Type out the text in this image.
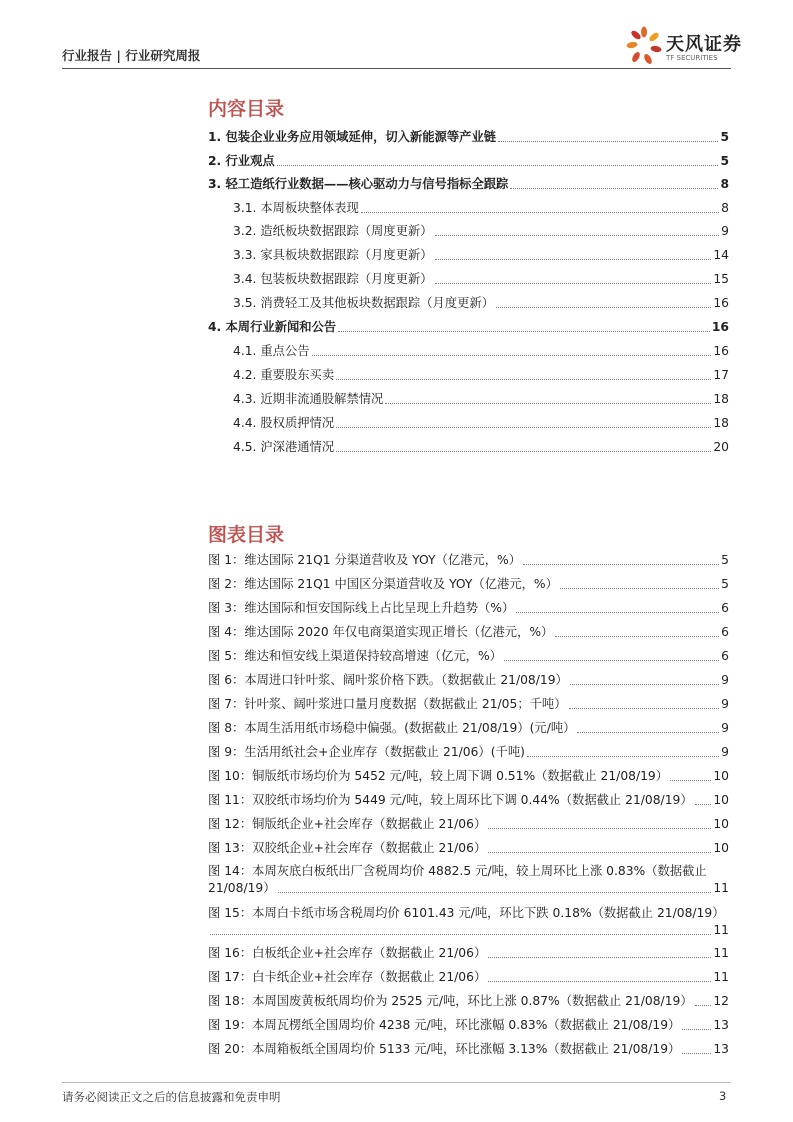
行业报告 | 行业研究周报
天风证券
TF SECURITIES
内容目录
1. 包装企业业务应用领域延伸，切入新能源等产业链	5
2. 行业观点	5
3. 轻工造纸行业数据——核心驱动力与信号指标全跟踪	8
3.1. 本周板块整体表现	8
3.2. 造纸板块数据跟踪（周度更新）	9
3.3. 家具板块数据跟踪（月度更新）	14
3.4. 包装板块数据跟踪（月度更新）	15
3.5. 消费轻工及其他板块数据跟踪（月度更新）	16
4. 本周行业新闻和公告	16
4.1. 重点公告	16
4.2. 重要股东买卖	17
4.3. 近期非流通股解禁情况	18
4.4. 股权质押情况	18
4.5. 沪深港通情况	20
图表目录
图 1：维达国际 21Q1 分渠道营收及 YOY（亿港元，%）	5
图 2：维达国际 21Q1 中国区分渠道营收及 YOY（亿港元，%）	5
图 3：维达国际和恒安国际线上占比呈现上升趋势（%）	6
图 4：维达国际 2020 年仅电商渠道实现正增长（亿港元，%）	6
图 5：维达和恒安线上渠道保持较高增速（亿元，%）	6
图 6：本周进口针叶浆、阔叶浆价格下跌。（数据截止 21/08/19）	9
图 7：针叶浆、阔叶浆进口量月度数据（数据截止 21/05；千吨）	9
图 8：本周生活用纸市场稳中偏强。(数据截止 21/08/19）(元/吨）	9
图 9：生活用纸社会+企业库存（数据截止 21/06）(千吨)	9
图 10：铜版纸市场均价为 5452 元/吨，较上周下调 0.51%（数据截止 21/08/19）	10
图 11：双胶纸市场均价为 5449 元/吨，较上周环比下调 0.44%（数据截止 21/08/19） 10
图 12：铜版纸企业+社会库存（数据截止 21/06）	10
图 13：双胶纸企业+社会库存（数据截止 21/06）	10
图 14：本周灰底白板纸出厂含税周均价 4882.5 元/吨，较上周环比上涨 0.83%（数据截止
21/08/19）	11
图 15：本周白卡纸市场含税周均价 6101.43 元/吨，环比下跌 0.18%（数据截止 21/08/19）
11
图 16：白板纸企业+社会库存（数据截止 21/06）	11
图 17：白卡纸企业+社会库存（数据截止 21/06）	11
图 18：本周国废黄板纸周均价为 2525 元/吨，环比上涨 0.87%（数据截止 21/08/19） 12
图 19：本周瓦楞纸全国周均价 4238 元/吨，环比涨幅 0.83%（数据截止 21/08/19）	13
图 20：本周箱板纸全国周均价 5133 元/吨，环比涨幅 3.13%（数据截止 21/08/19）	13
请务必阅读正文之后的信息披露和免责申明	3
